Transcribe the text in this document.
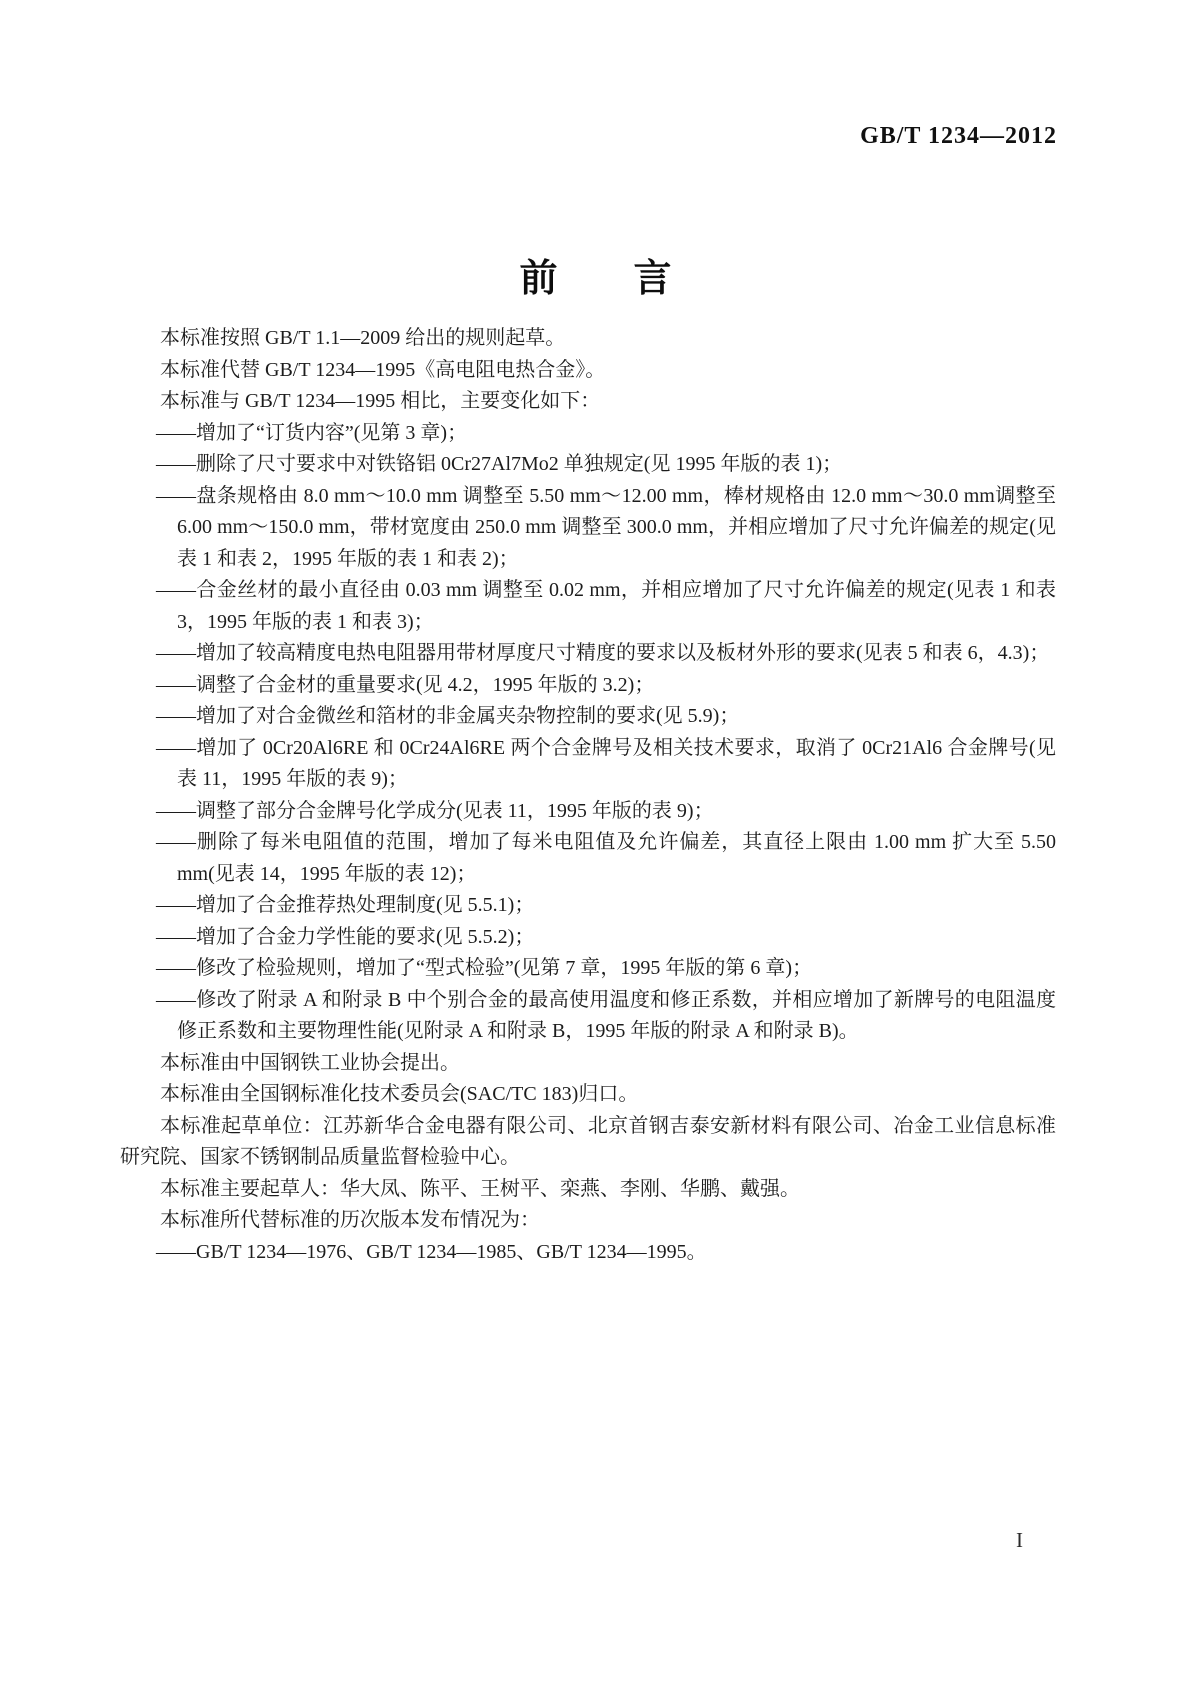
GB/T 1234—2012
前　　言

本标准按照 GB/T 1.1—2009 给出的规则起草。

本标准代替 GB/T 1234—1995《高电阻电热合金》。

本标准与 GB/T 1234—1995 相比，主要变化如下：

——增加了“订货内容”(见第 3 章)；

——删除了尺寸要求中对铁铬铝 0Cr27Al7Mo2 单独规定(见 1995 年版的表 1)；

——盘条规格由 8.0 mm～10.0 mm 调整至 5.50 mm～12.00 mm，棒材规格由 12.0 mm～30.0 mm调整至 6.00 mm～150.0 mm，带材宽度由 250.0 mm 调整至 300.0 mm，并相应增加了尺寸允许偏差的规定(见表 1 和表 2，1995 年版的表 1 和表 2)；

——合金丝材的最小直径由 0.03 mm 调整至 0.02 mm，并相应增加了尺寸允许偏差的规定(见表 1 和表 3，1995 年版的表 1 和表 3)；

——增加了较高精度电热电阻器用带材厚度尺寸精度的要求以及板材外形的要求(见表 5 和表 6，4.3)；

——调整了合金材的重量要求(见 4.2，1995 年版的 3.2)；

——增加了对合金微丝和箔材的非金属夹杂物控制的要求(见 5.9)；

——增加了 0Cr20Al6RE 和 0Cr24Al6RE 两个合金牌号及相关技术要求，取消了 0Cr21Al6 合金牌号(见表 11，1995 年版的表 9)；

——调整了部分合金牌号化学成分(见表 11，1995 年版的表 9)；

——删除了每米电阻值的范围，增加了每米电阻值及允许偏差，其直径上限由 1.00 mm 扩大至 5.50 mm(见表 14，1995 年版的表 12)；

——增加了合金推荐热处理制度(见 5.5.1)；

——增加了合金力学性能的要求(见 5.5.2)；

——修改了检验规则，增加了“型式检验”(见第 7 章，1995 年版的第 6 章)；

——修改了附录 A 和附录 B 中个别合金的最高使用温度和修正系数，并相应增加了新牌号的电阻温度修正系数和主要物理性能(见附录 A 和附录 B，1995 年版的附录 A 和附录 B)。

本标准由中国钢铁工业协会提出。

本标准由全国钢标准化技术委员会(SAC/TC 183)归口。

本标准起草单位：江苏新华合金电器有限公司、北京首钢吉泰安新材料有限公司、冶金工业信息标准研究院、国家不锈钢制品质量监督检验中心。

本标准主要起草人：华大凤、陈平、王树平、栾燕、李刚、华鹏、戴强。

本标准所代替标准的历次版本发布情况为：

——GB/T 1234—1976、GB/T 1234—1985、GB/T 1234—1995。

I
